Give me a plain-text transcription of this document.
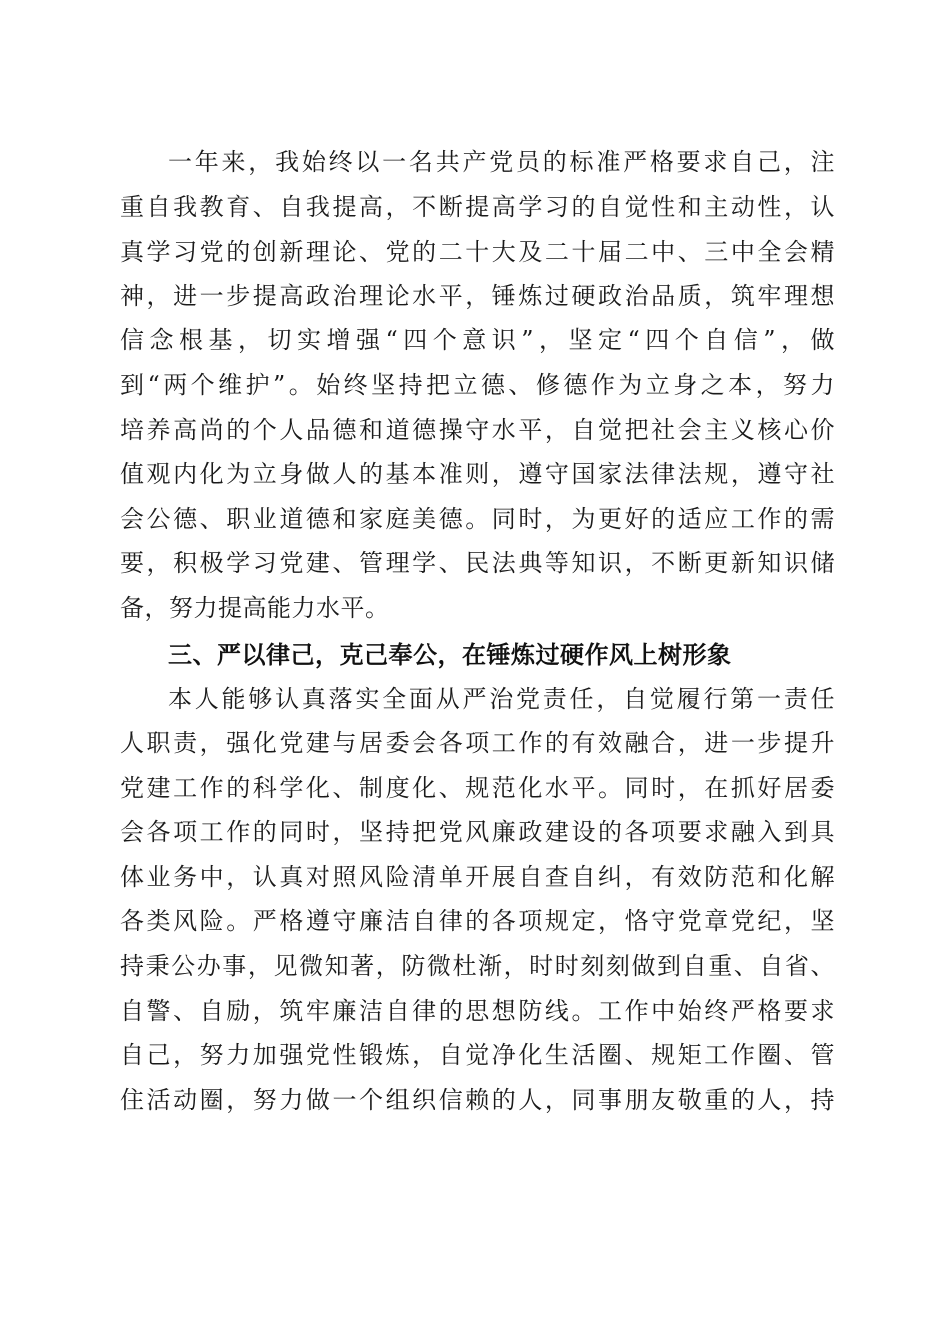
一年来，我始终以一名共产党员的标准严格要求自己，注
重自我教育、自我提高，不断提高学习的自觉性和主动性，认
真学习党的创新理论、党的二十大及二十届二中、三中全会精
神，进一步提高政治理论水平，锤炼过硬政治品质，筑牢理想
信念根基，切实增强“四个意识”，坚定“四个自信”，做
到“两个维护”。始终坚持把立德、修德作为立身之本，努力
培养高尚的个人品德和道德操守水平，自觉把社会主义核心价
值观内化为立身做人的基本准则，遵守国家法律法规，遵守社
会公德、职业道德和家庭美德。同时，为更好的适应工作的需
要，积极学习党建、管理学、民法典等知识，不断更新知识储
备，努力提高能力水平。
三、严以律己，克己奉公，在锤炼过硬作风上树形象
本人能够认真落实全面从严治党责任，自觉履行第一责任
人职责，强化党建与居委会各项工作的有效融合，进一步提升
党建工作的科学化、制度化、规范化水平。同时，在抓好居委
会各项工作的同时，坚持把党风廉政建设的各项要求融入到具
体业务中，认真对照风险清单开展自查自纠，有效防范和化解
各类风险。严格遵守廉洁自律的各项规定，恪守党章党纪，坚
持秉公办事，见微知著，防微杜渐，时时刻刻做到自重、自省、
自警、自励，筑牢廉洁自律的思想防线。工作中始终严格要求
自己，努力加强党性锻炼，自觉净化生活圈、规矩工作圈、管
住活动圈，努力做一个组织信赖的人，同事朋友敬重的人，持
